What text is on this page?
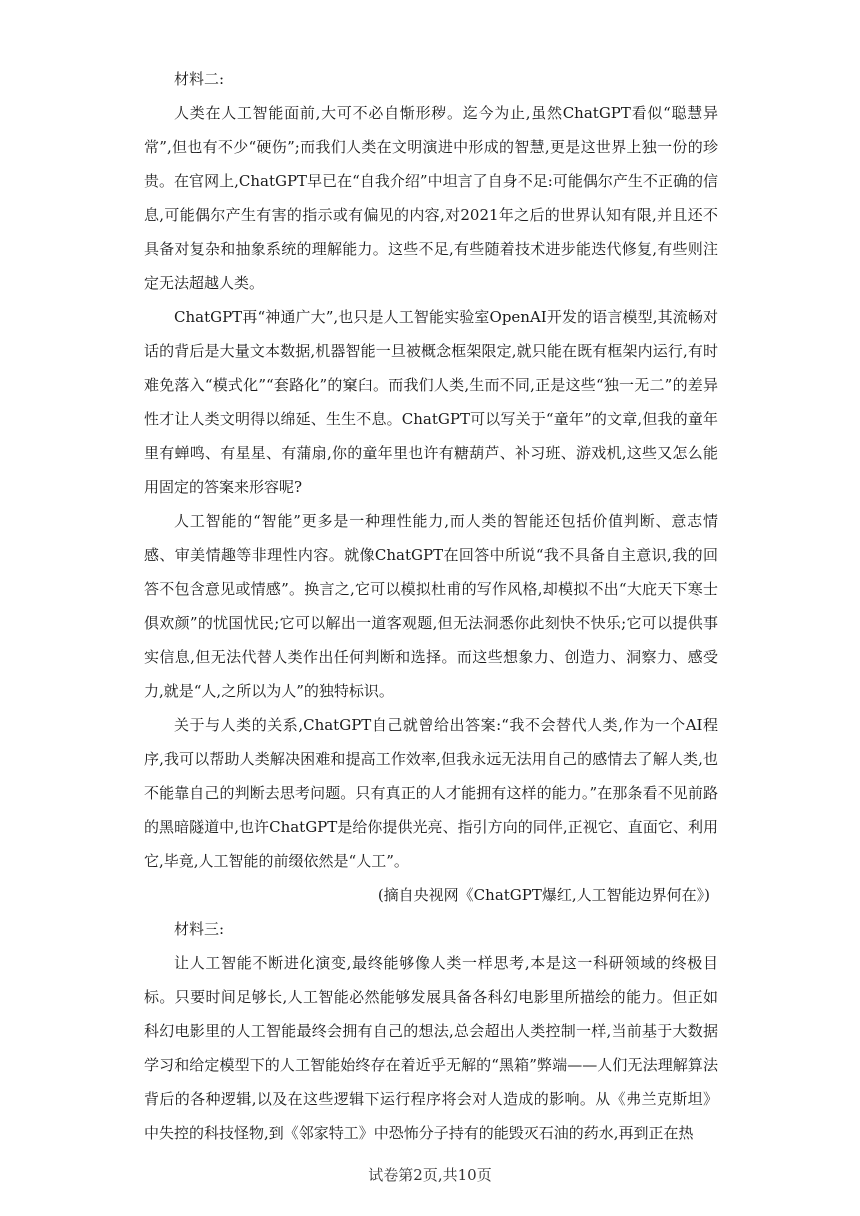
材料二:

人类在人工智能面前,大可不必自惭形秽。迄今为止,虽然ChatGPT看似“聪慧异常”,但也有不少“硬伤”;而我们人类在文明演进中形成的智慧,更是这世界上独一份的珍贵。在官网上,ChatGPT早已在“自我介绍”中坦言了自身不足:可能偶尔产生不正确的信息,可能偶尔产生有害的指示或有偏见的内容,对2021年之后的世界认知有限,并且还不具备对复杂和抽象系统的理解能力。这些不足,有些随着技术进步能迭代修复,有些则注定无法超越人类。

ChatGPT再“神通广大”,也只是人工智能实验室OpenAI开发的语言模型,其流畅对话的背后是大量文本数据,机器智能一旦被概念框架限定,就只能在既有框架内运行,有时难免落入“模式化”“套路化”的窠臼。而我们人类,生而不同,正是这些“独一无二”的差异性才让人类文明得以绵延、生生不息。ChatGPT可以写关于“童年”的文章,但我的童年里有蝉鸣、有星星、有蒲扇,你的童年里也许有糖葫芦、补习班、游戏机,这些又怎么能用固定的答案来形容呢?

人工智能的“智能”更多是一种理性能力,而人类的智能还包括价值判断、意志情感、审美情趣等非理性内容。就像ChatGPT在回答中所说“我不具备自主意识,我的回答不包含意见或情感”。换言之,它可以模拟杜甫的写作风格,却模拟不出“大庇天下寒士俱欢颜”的忧国忧民;它可以解出一道客观题,但无法洞悉你此刻快不快乐;它可以提供事实信息,但无法代替人类作出任何判断和选择。而这些想象力、创造力、洞察力、感受力,就是“人,之所以为人”的独特标识。

关于与人类的关系,ChatGPT自己就曾给出答案:“我不会替代人类,作为一个AI程序,我可以帮助人类解决困难和提高工作效率,但我永远无法用自己的感情去了解人类,也不能靠自己的判断去思考问题。只有真正的人才能拥有这样的能力。”在那条看不见前路的黑暗隧道中,也许ChatGPT是给你提供光亮、指引方向的同伴,正视它、直面它、利用它,毕竟,人工智能的前缀依然是“人工”。

(摘自央视网《ChatGPT爆红,人工智能边界何在》)

材料三:

让人工智能不断进化演变,最终能够像人类一样思考,本是这一科研领域的终极目标。只要时间足够长,人工智能必然能够发展具备各科幻电影里所描绘的能力。但正如科幻电影里的人工智能最终会拥有自己的想法,总会超出人类控制一样,当前基于大数据学习和给定模型下的人工智能始终存在着近乎无解的“黑箱”弊端——人们无法理解算法背后的各种逻辑,以及在这些逻辑下运行程序将会对人造成的影响。从《弗兰克斯坦》中失控的科技怪物,到《邻家特工》中恐怖分子持有的能毁灭石油的药水,再到正在热

试卷第2页,共10页
